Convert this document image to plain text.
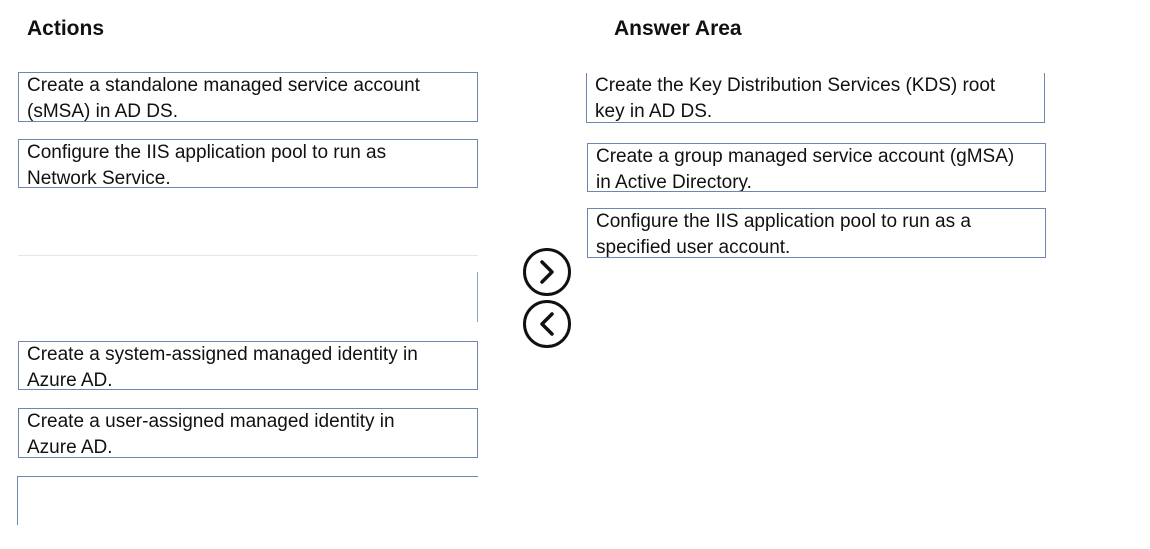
Actions	Answer Area
Create a standalone managed service account
(sMSA) in AD DS.
Configure the IIS application pool to run as
Network Service.
Create a system-assigned managed identity in
Azure AD.
Create a user-assigned managed identity in
Azure AD.
Create the Key Distribution Services (KDS) root
key in AD DS.
Create a group managed service account (gMSA)
in Active Directory.
Configure the IIS application pool to run as a
specified user account.
